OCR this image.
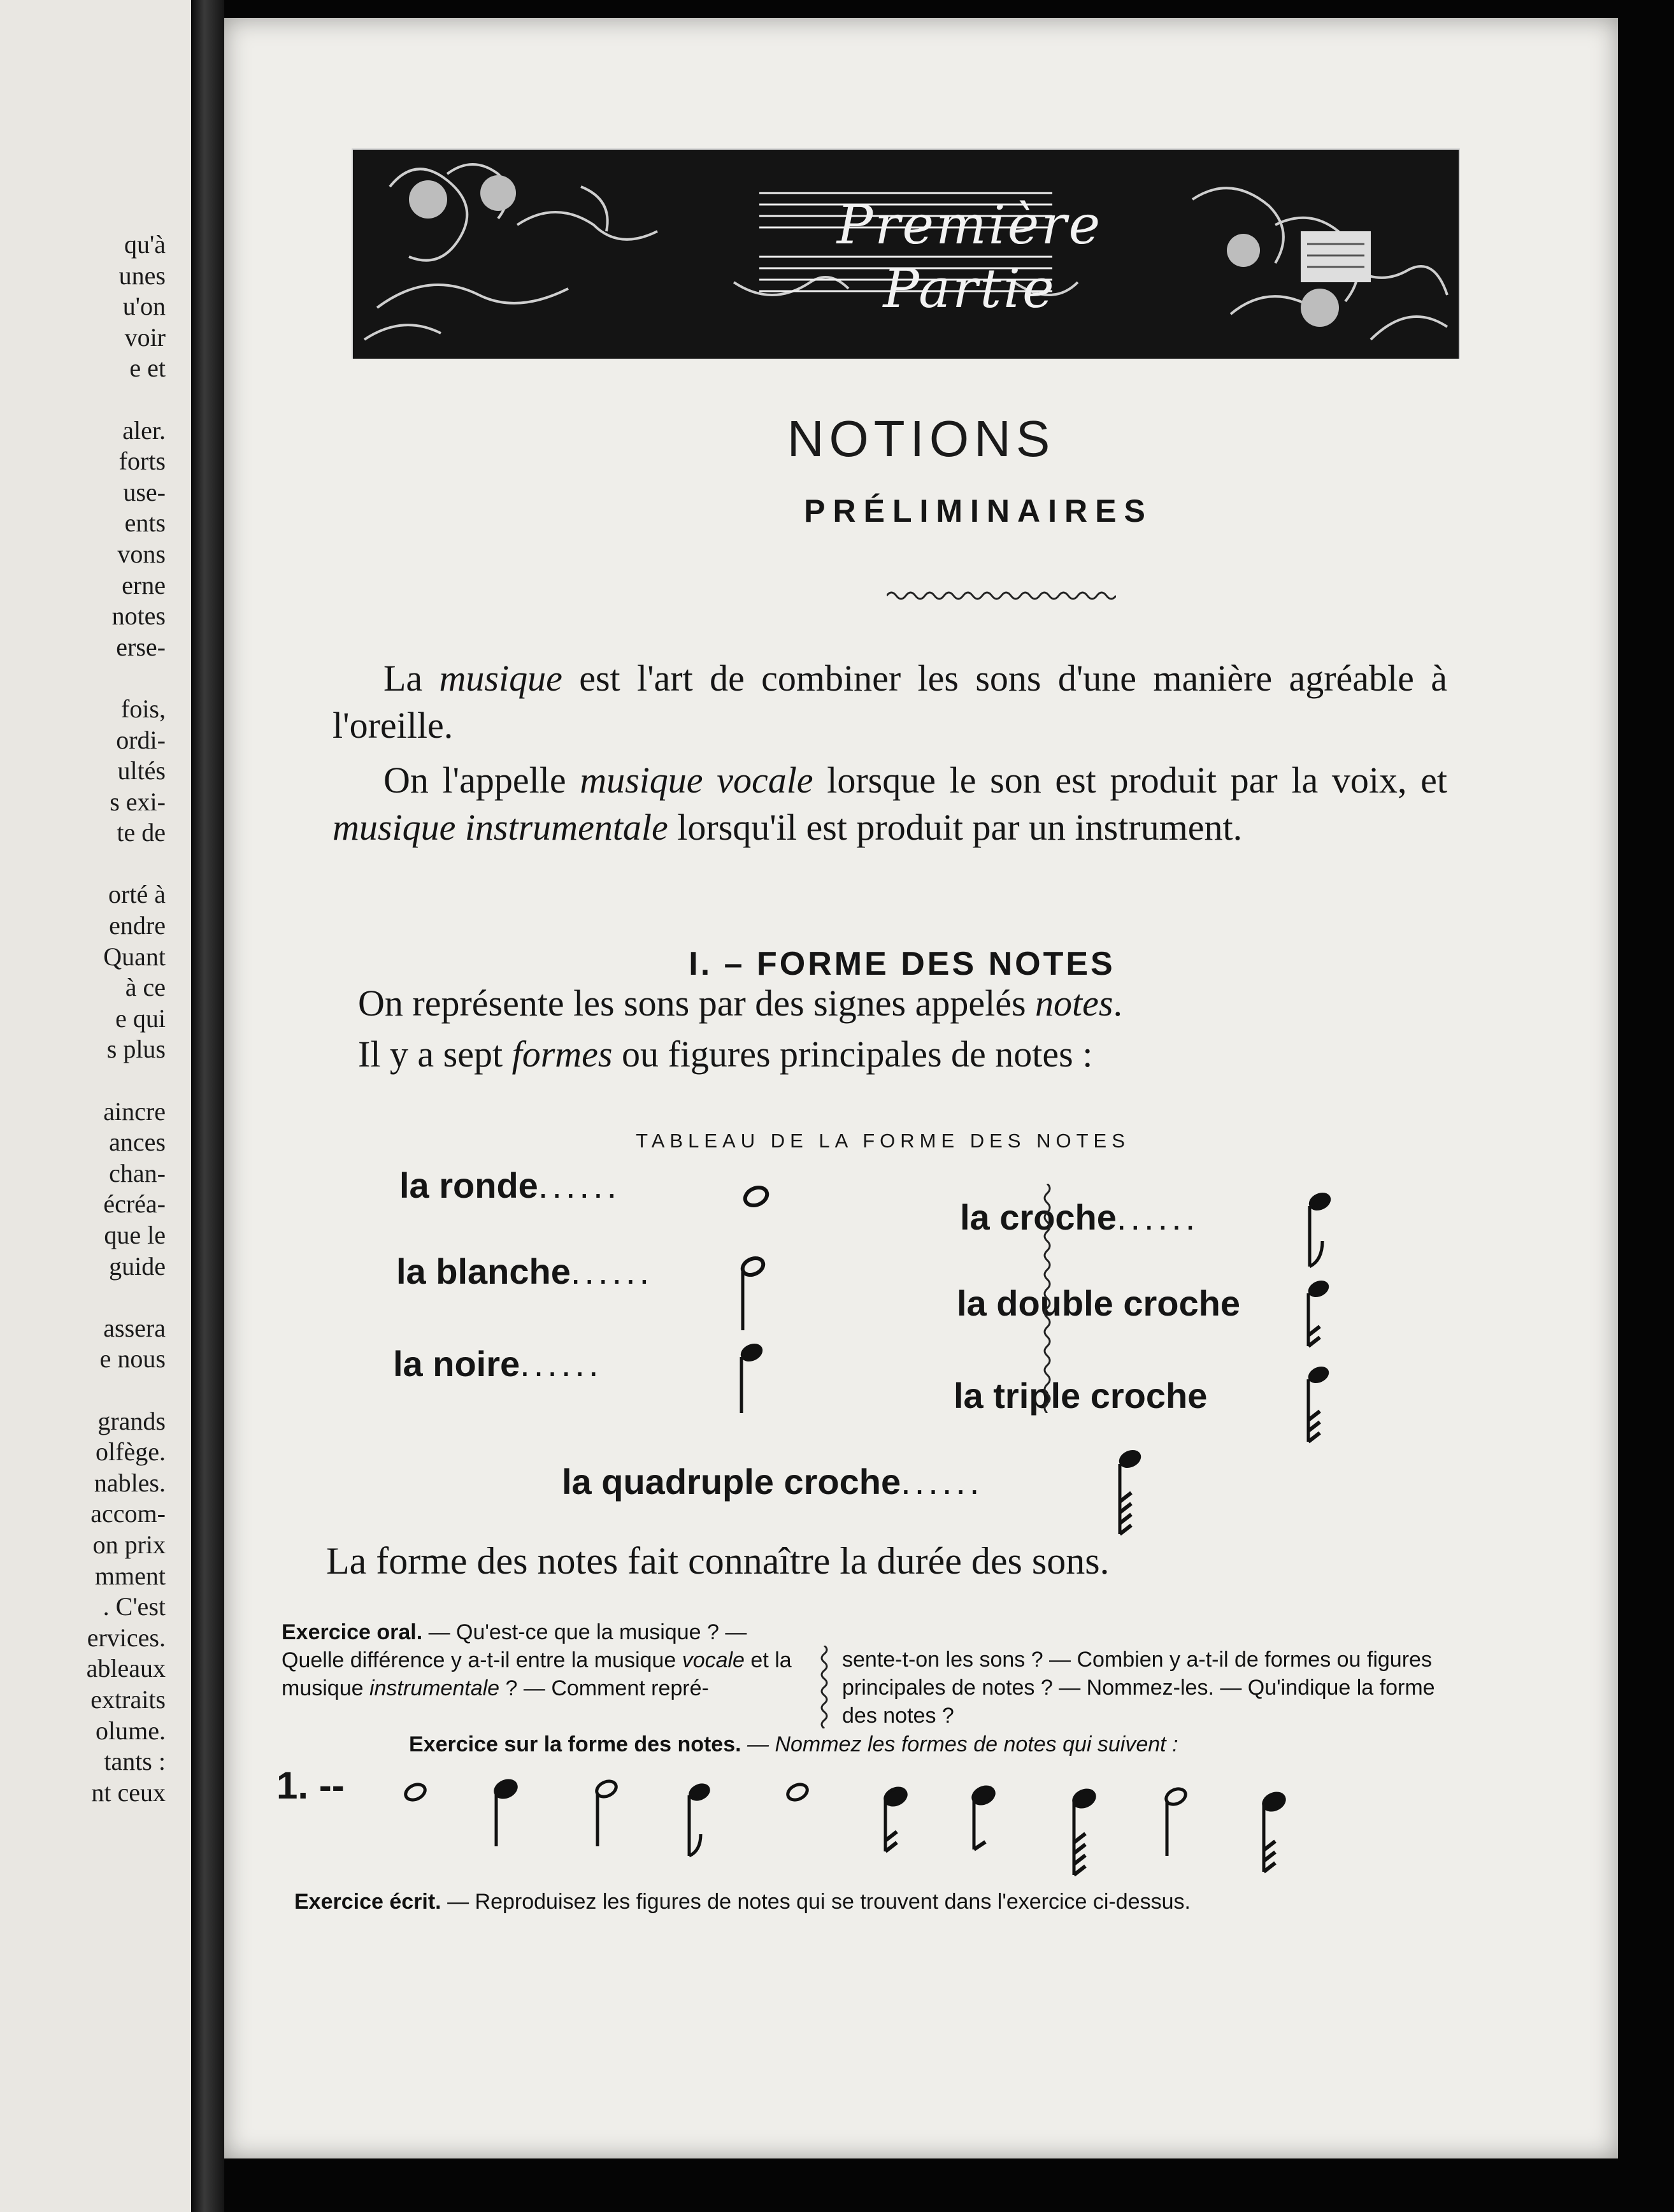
qu'à
unes
u'on
voir
e et

aler.
forts
use-
ents
vons
erne
notes
erse-

fois,
ordi-
ultés
s exi-
te de

orté à
endre
Quant
à ce
e qui
s plus

aincre
ances
chan-
écréa-
que le
guide

assera
e nous

grands
olfège.
nables.
accom-
on prix
mment
. C'est
ervices.
ableaux
extraits
olume.
tants :
nt ceux
Première
Partie
NOTIONS
PRÉLIMINAIRES
La musique est l'art de combiner les sons d'une manière agréable à l'oreille.
On l'appelle musique vocale lorsque le son est produit par la voix, et musique instrumentale lorsqu'il est produit par un instrument.
I. – FORME DES NOTES
On représente les sons par des signes appelés notes.
Il y a sept formes ou figures principales de notes :
TABLEAU DE LA FORME DES NOTES
la ronde......
la blanche......
la noire......
la croche......
la double croche
la triple croche
la quadruple croche......
La forme des notes fait connaître la durée des sons.
Exercice oral. — Qu'est-ce que la musique ? — Quelle différence y a-t-il entre la musique vocale et la musique instrumentale ? — Comment repré-
sente-t-on les sons ? — Combien y a-t-il de formes ou figures principales de notes ? — Nommez-les. — Qu'indique la forme des notes ?
Exercice sur la forme des notes. — Nommez les formes de notes qui suivent :
1. --
Exercice écrit. — Reproduisez les figures de notes qui se trouvent dans l'exercice ci-dessus.
